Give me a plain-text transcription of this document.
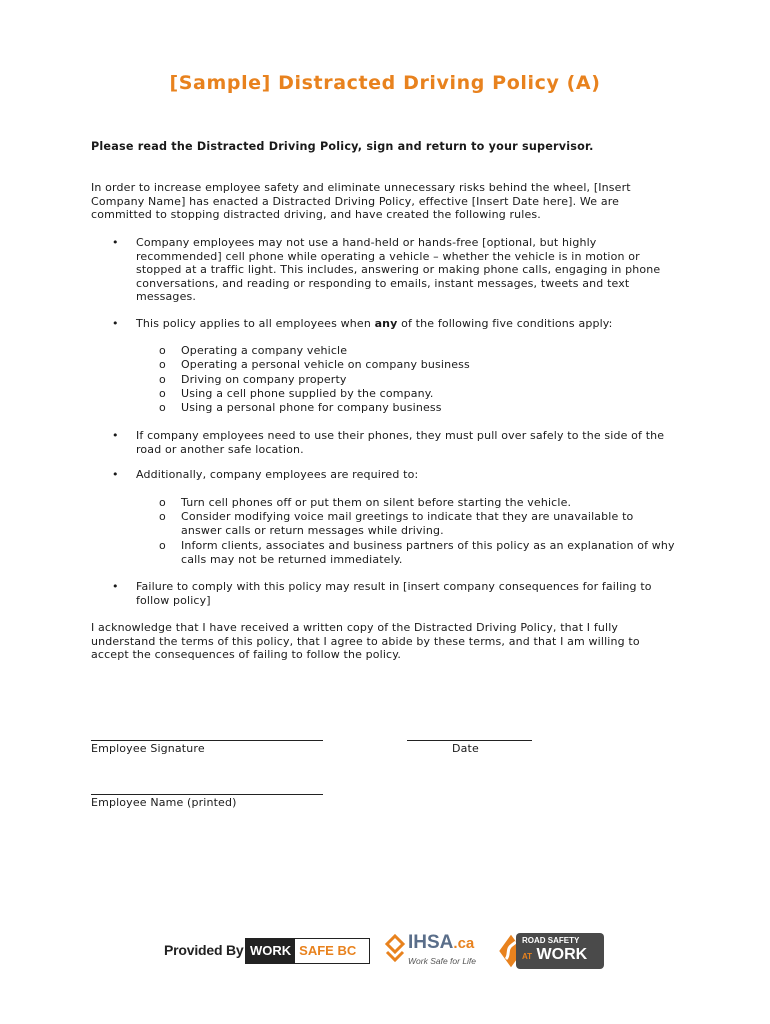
[Sample] Distracted Driving Policy (A)
Please read the Distracted Driving Policy, sign and return to your supervisor.
In order to increase employee safety and eliminate unnecessary risks behind the wheel, [Insert Company Name] has enacted a Distracted Driving Policy, effective [Insert Date here]. We are committed to stopping distracted driving, and have created the following rules.
• Company employees may not use a hand-held or hands-free [optional, but highly recommended] cell phone while operating a vehicle – whether the vehicle is in motion or stopped at a traffic light. This includes, answering or making phone calls, engaging in phone conversations, and reading or responding to emails, instant messages, tweets and text messages.
• This policy applies to all employees when any of the following five conditions apply:
o Operating a company vehicle
o Operating a personal vehicle on company business
o Driving on company property
o Using a cell phone supplied by the company.
o Using a personal phone for company business
• If company employees need to use their phones, they must pull over safely to the side of the road or another safe location.
• Additionally, company employees are required to:
o Turn cell phones off or put them on silent before starting the vehicle.
o Consider modifying voice mail greetings to indicate that they are unavailable to answer calls or return messages while driving.
o Inform clients, associates and business partners of this policy as an explanation of why calls may not be returned immediately.
• Failure to comply with this policy may result in [insert company consequences for failing to follow policy]
I acknowledge that I have received a written copy of the Distracted Driving Policy, that I fully understand the terms of this policy, that I agree to abide by these terms, and that I am willing to accept the consequences of failing to follow the policy.
Employee Signature	Date
Employee Name (printed)
Provided By WORK SAFE BC	IHSA.ca
Work Safe for Life
ROAD SAFETY
AT WORK
